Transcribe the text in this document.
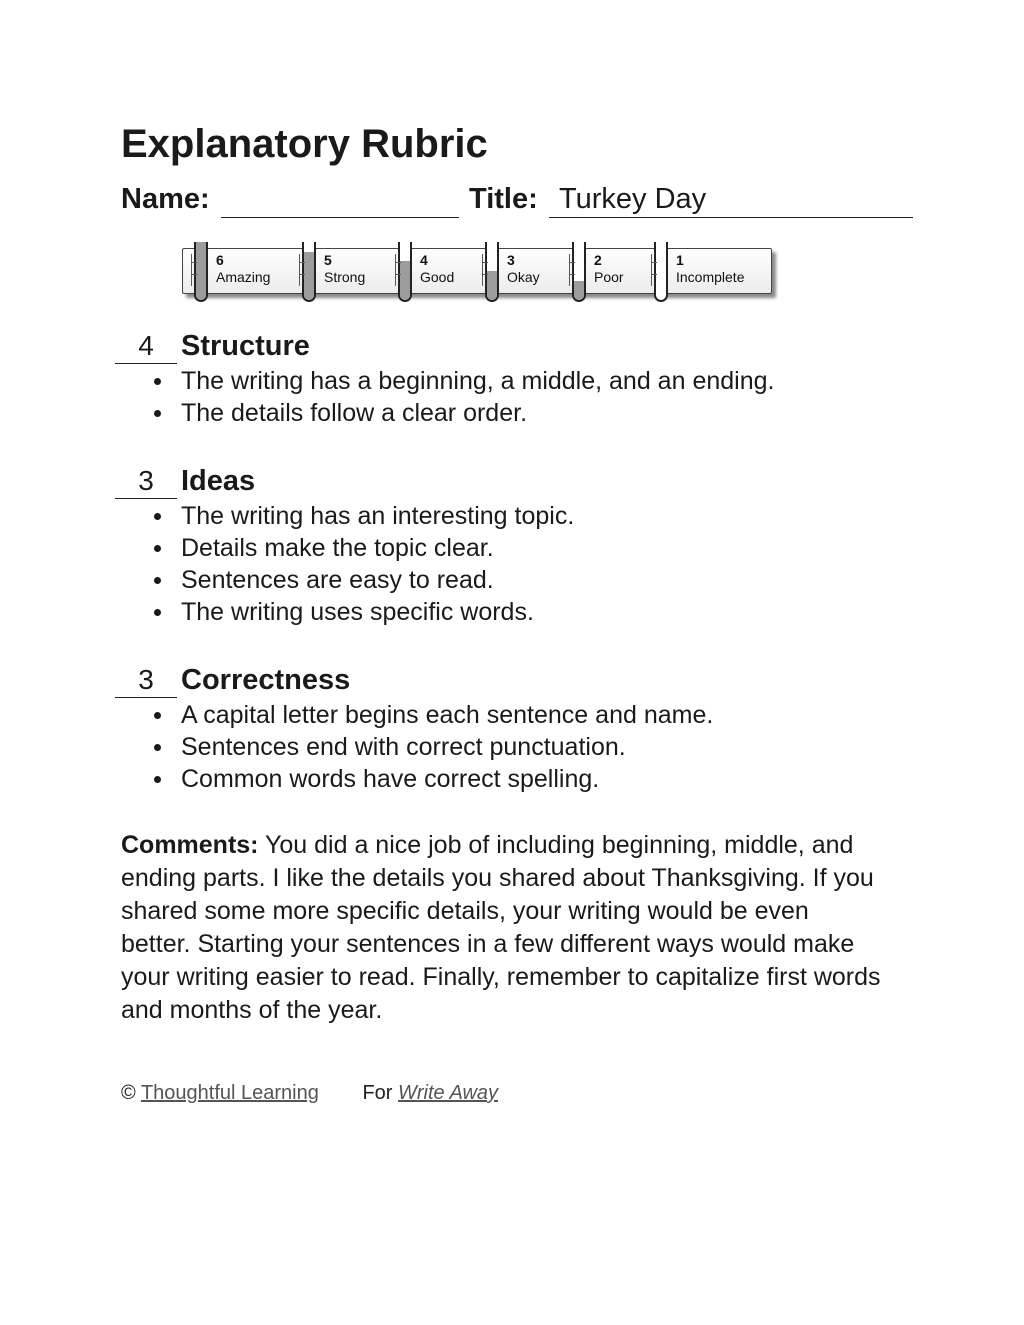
Explanatory Rubric
Name:	Title: Turkey Day
6
Amazing
5
Strong
4
Good
3
Okay
2
Poor
1
Incomplete
4 Structure
The writing has a beginning, a middle, and an ending.
The details follow a clear order.
3 Ideas
The writing has an interesting topic.
Details make the topic clear.
Sentences are easy to read.
The writing uses specific words.
3 Correctness
A capital letter begins each sentence and name.
Sentences end with correct punctuation.
Common words have correct spelling.

Comments: You did a nice job of including beginning, middle, and ending parts. I like the details you shared about Thanksgiving. If you shared some more specific details, your writing would be even better. Starting your sentences in a few different ways would make your writing easier to read. Finally, remember to capitalize first words and months of the year.

© Thoughtful Learning For Write Away
